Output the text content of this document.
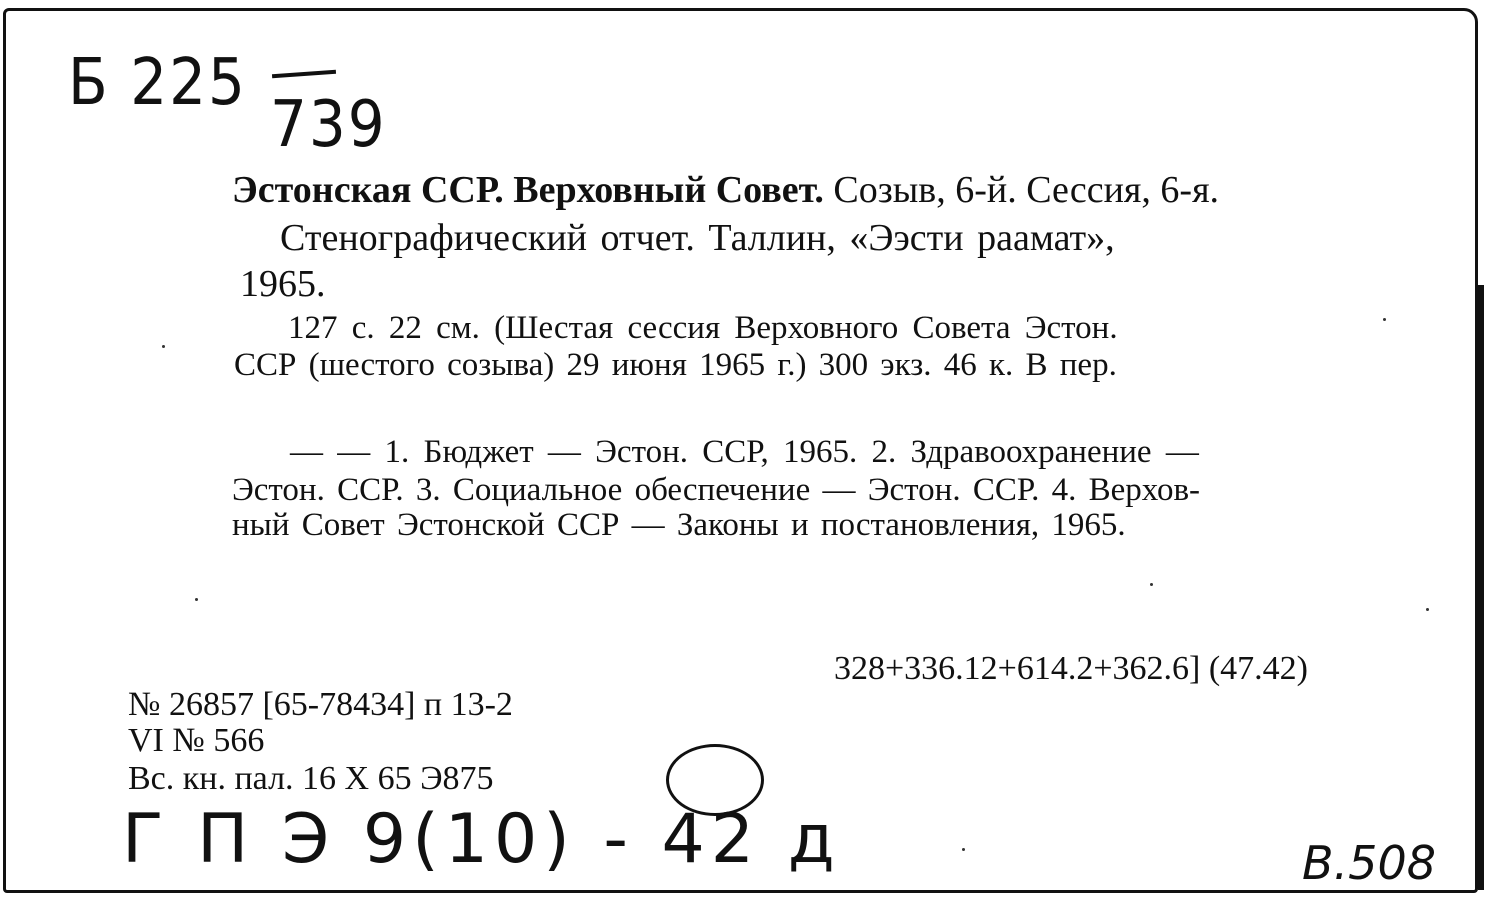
Б 225
739
Эстонская ССР. Верховный Совет. Созыв, 6-й. Сессия, 6-я.
Стенографический отчет. Таллин, «Ээсти раамат»,
1965.
127 с. 22 см. (Шестая сессия Верховного Совета Эстон.
ССР (шестого созыва) 29 июня 1965 г.) 300 экз. 46 к. В пер.
— — 1. Бюджет — Эстон. ССР, 1965. 2. Здравоохранение —
Эстон. ССР. 3. Социальное обеспечение — Эстон. ССР. 4. Верхов-
ный Совет Эстонской ССР — Законы и постановления, 1965.
328+336.12+614.2+362.6] (47.42)
№ 26857 [65-78434] п 13-2
VI № 566
Вс. кн. пал. 16 X 65 Э875
Г П Э 9(10) - 42 д	В.508
